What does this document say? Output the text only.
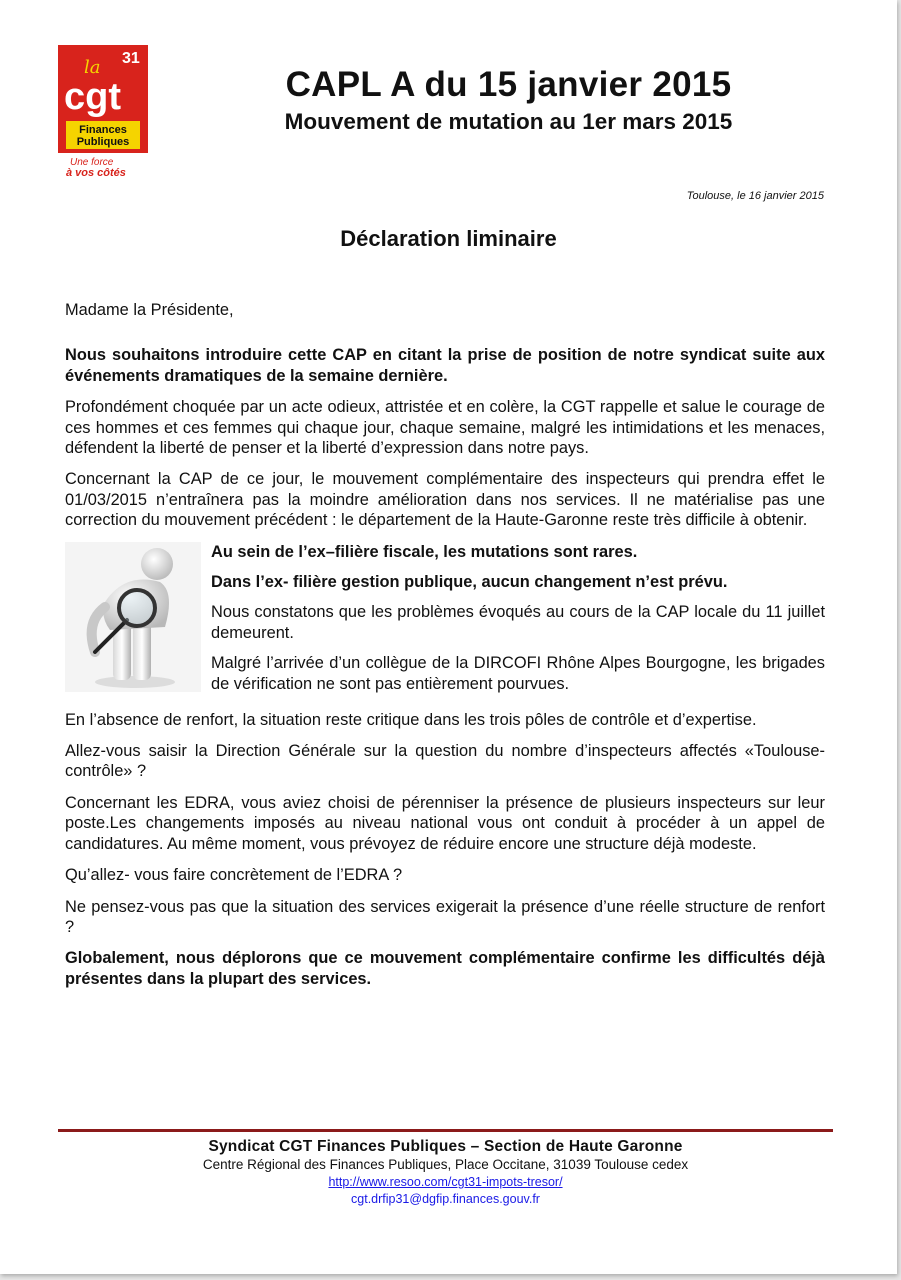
31
la
cgt
Finances
Publiques
Une force
à vos côtés
CAPL A du 15 janvier 2015
Mouvement de mutation au 1er mars 2015
Toulouse, le 16 janvier 2015
Déclaration liminaire

Madame la Présidente,

Nous souhaitons introduire cette CAP en citant la prise de position de notre syndicat suite aux événements dramatiques de la semaine dernière.

Profondément choquée par un acte odieux, attristée et en colère, la CGT rappelle et salue le courage de ces hommes et ces femmes qui chaque jour, chaque semaine, malgré les intimidations et les menaces, défendent la liberté de penser et la liberté d’expression dans notre pays.

Concernant la CAP de ce jour, le mouvement complémentaire des inspecteurs qui prendra effet le 01/03/2015 n’entraînera pas la moindre amélioration dans nos services. Il ne matérialise pas une correction du mouvement précédent : le département de la Haute-Garonne reste très difficile à obtenir.

Au sein de l’ex–filière fiscale, les mutations sont rares.

Dans l’ex- filière gestion publique, aucun changement n’est prévu.

Nous constatons que les problèmes évoqués au cours de la CAP locale du 11 juillet demeurent.

Malgré l’arrivée d’un collègue de la DIRCOFI Rhône Alpes Bourgogne, les brigades de vérification ne sont pas entièrement pourvues.

En l’absence de renfort, la situation reste critique dans les trois pôles de contrôle et d’expertise.

Allez-vous saisir la Direction Générale sur la question du nombre d’inspecteurs affectés «Toulouse-contrôle» ?

Concernant les EDRA, vous aviez choisi de pérenniser la présence de plusieurs inspecteurs sur leur poste.Les changements imposés au niveau national vous ont conduit à procéder à un appel de candidatures. Au même moment, vous prévoyez de réduire encore une structure déjà modeste.

Qu’allez- vous faire concrètement de l’EDRA ?

Ne pensez-vous pas que la situation des services exigerait la présence d’une réelle structure de renfort ?

Globalement, nous déplorons que ce mouvement complémentaire confirme les difficultés déjà présentes dans la plupart des services.

Syndicat CGT Finances Publiques – Section de Haute Garonne
Centre Régional des Finances Publiques, Place Occitane, 31039 Toulouse cedex
http://www.resoo.com/cgt31-impots-tresor/
cgt.drfip31@dgfip.finances.gouv.fr
